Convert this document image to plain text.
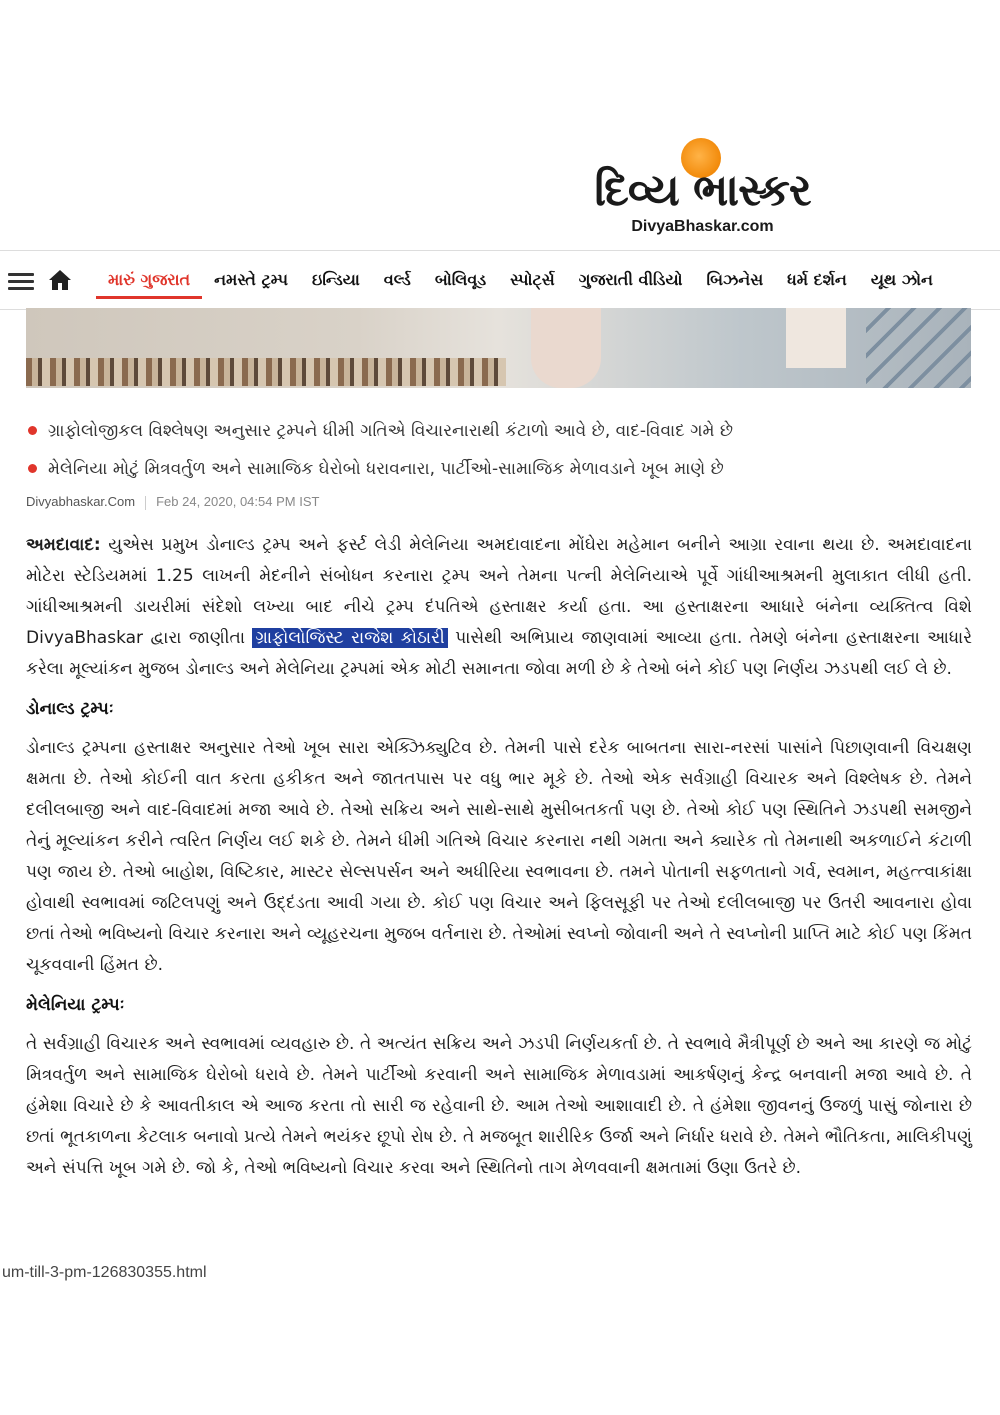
દિવ્ય ભાસ્કર
DivyaBhaskar.com
મારું ગુજરાત	નમસ્તે ટ્રમ્પ	ઇન્ડિયા	વર્લ્ડ	બોલિવૂડ	સ્પોર્ટ્સ	ગુજરાતી વીડિયો	બિઝનેસ	ધર્મ દર્શન	યૂથ ઝોન
ગ્રાફોલોજીકલ વિશ્લેષણ અનુસાર ટ્રમ્પને ધીમી ગતિએ વિચારનારાથી કંટાળો આવે છે, વાદ-વિવાદ ગમે છે
મેલેનિયા મોટું મિત્રવર્તુળ અને સામાજિક ઘેરોબો ધરાવનારા, પાર્ટીઓ-સામાજિક મેળાવડાને ખૂબ માણે છે
Divyabhaskar.Com Feb 24, 2020, 04:54 PM IST

અમદાવાદ: યુએસ પ્રમુખ ડોનાલ્ડ ટ્રમ્પ અને ફર્સ્ટ લેડી મેલેનિયા અમદાવાદના મોંઘેરા મહેમાન બનીને આગ્રા રવાના થયા છે. અમદાવાદના મોટેરા સ્ટેડિયમમાં 1.25 લાખની મેદનીને સંબોધન કરનારા ટ્રમ્પ અને તેમના પત્ની મેલેનિયાએ પૂર્વે ગાંધીઆશ્રમની મુલાકાત લીધી હતી. ગાંધીઆશ્રમની ડાયરીમાં સંદેશો લખ્યા બાદ નીચે ટ્રમ્પ દંપતિએ હસ્તાક્ષર કર્યા હતા. આ હસ્તાક્ષરના આધારે બંનેના વ્યક્તિત્વ વિશે DivyaBhaskar દ્વારા જાણીતા ગ્રાફોલોજિસ્ટ રાજેશ કોઠારી પાસેથી અભિપ્રાય જાણવામાં આવ્યા હતા. તેમણે બંનેના હસ્તાક્ષરના આધારે કરેલા મૂલ્યાંકન મુજબ ડોનાલ્ડ અને મેલેનિયા ટ્રમ્પમાં એક મોટી સમાનતા જોવા મળી છે કે તેઓ બંને કોઈ પણ નિર્ણય ઝડપથી લઈ લે છે.

ડોનાલ્ડ ટ્રમ્પઃ

ડોનાલ્ડ ટ્રમ્પના હસ્તાક્ષર અનુસાર તેઓ ખૂબ સારા એક્ઝિક્યુટિવ છે. તેમની પાસે દરેક બાબતના સારા-નરસાં પાસાંને પિછાણવાની વિચક્ષણ ક્ષમતા છે. તેઓ કોઈની વાત કરતા હકીકત અને જાતતપાસ પર વધુ ભાર મૂકે છે. તેઓ એક સર્વગ્રાહી વિચારક અને વિશ્લેષક છે. તેમને દલીલબાજી અને વાદ-વિવાદમાં મજા આવે છે. તેઓ સક્રિય અને સાથે-સાથે મુસીબતકર્તા પણ છે. તેઓ કોઈ પણ સ્થિતિને ઝડપથી સમજીને તેનું મૂલ્યાંકન કરીને ત્વરિત નિર્ણય લઈ શકે છે. તેમને ધીમી ગતિએ વિચાર કરનારા નથી ગમતા અને ક્યારેક તો તેમનાથી અકળાઈને કંટાળી પણ જાય છે. તેઓ બાહોશ, વિષ્ટિકાર, માસ્ટર સેલ્સપર્સન અને અધીરિયા સ્વભાવના છે. તમને પોતાની સફળતાનો ગર્વ, સ્વમાન, મહત્ત્વાકાંક્ષા હોવાથી સ્વભાવમાં જટિલપણું અને ઉદ્દંડતા આવી ગયા છે. કોઈ પણ વિચાર અને ફિલસૂફી પર તેઓ દલીલબાજી પર ઉતરી આવનારા હોવા છતાં તેઓ ભવિષ્યનો વિચાર કરનારા અને વ્યૂહરચના મુજબ વર્તનારા છે. તેઓમાં સ્વપ્નો જોવાની અને તે સ્વપ્નોની પ્રાપ્તિ માટે કોઈ પણ કિંમત ચૂકવવાની હિંમત છે.

મેલેનિયા ટ્રમ્પઃ

તે સર્વગ્રાહી વિચારક અને સ્વભાવમાં વ્યવહારુ છે. તે અત્યંત સક્રિય અને ઝડપી નિર્ણયકર્તા છે. તે સ્વભાવે મૈત્રીપૂર્ણ છે અને આ કારણે જ મોટું મિત્રવર્તુળ અને સામાજિક ઘેરોબો ધરાવે છે. તેમને પાર્ટીઓ કરવાની અને સામાજિક મેળાવડામાં આકર્ષણનું કેન્દ્ર બનવાની મજા આવે છે. તે હંમેશા વિચારે છે કે આવતીકાલ એ આજ કરતા તો સારી જ રહેવાની છે. આમ તેઓ આશાવાદી છે. તે હંમેશા જીવનનું ઉજળું પાસું જોનારા છે છતાં ભૂતકાળના કેટલાક બનાવો પ્રત્યે તેમને ભયંકર છૂપો રોષ છે. તે મજબૂત શારીરિક ઉર્જા અને નિર્ધાર ધરાવે છે. તેમને ભૌતિકતા, માલિકીપણું અને સંપત્તિ ખૂબ ગમે છે. જો કે, તેઓ ભવિષ્યનો વિચાર કરવા અને સ્થિતિનો તાગ મેળવવાની ક્ષમતામાં ઉણા ઉતરે છે.

um-till-3-pm-126830355.html
